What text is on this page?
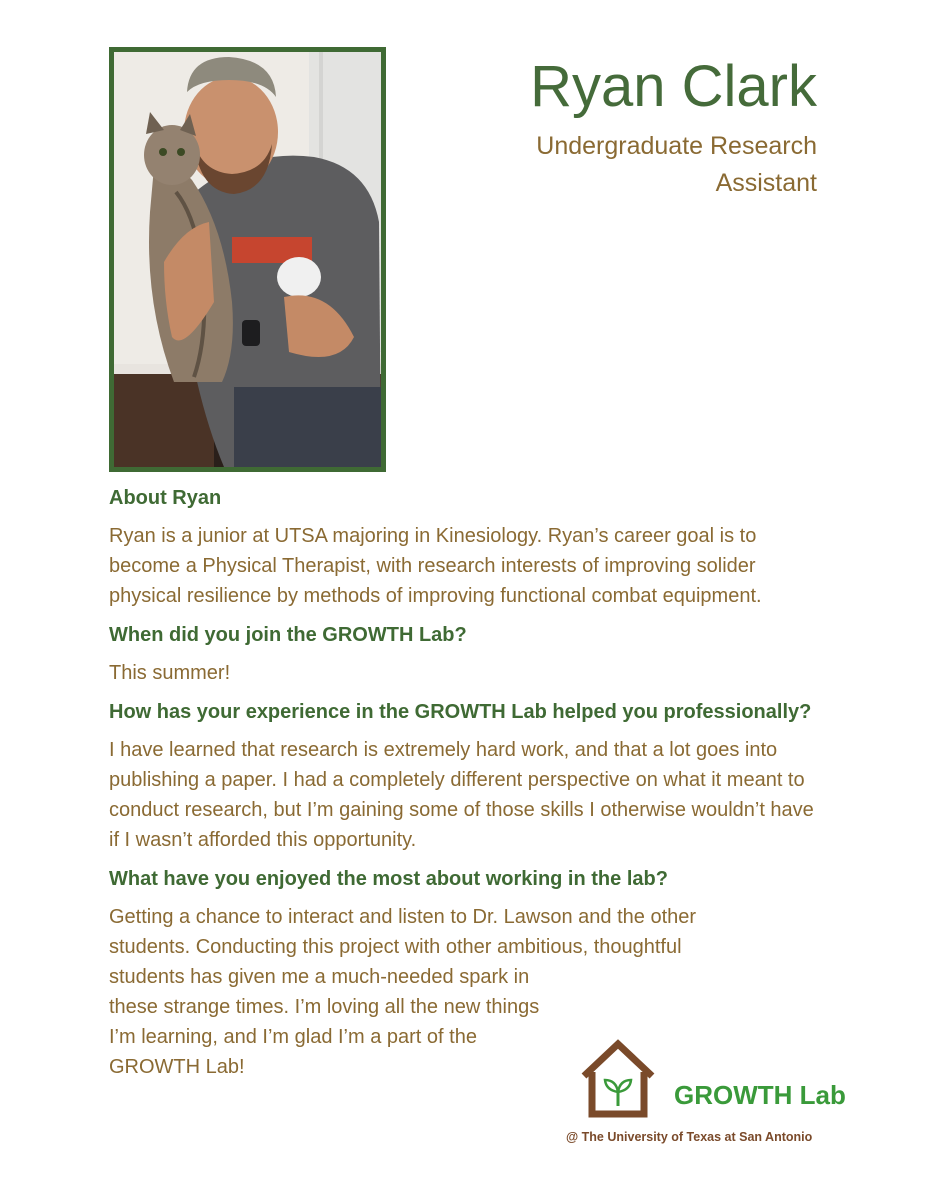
Ryan Clark
Undergraduate Research Assistant

About Ryan

Ryan is a junior at UTSA majoring in Kinesiology. Ryan’s career goal is to become a Physical Therapist, with research interests of improving solider physical resilience by methods of improving functional combat equipment.

When did you join the GROWTH Lab?

This summer!

How has your experience in the GROWTH Lab helped you professionally?

I have learned that research is extremely hard work, and that a lot goes into publishing a paper. I had a completely different perspective on what it meant to conduct research, but I’m gaining some of those skills I otherwise wouldn’t have if I wasn’t afforded this opportunity.

What have you enjoyed the most about working in the lab?

Getting a chance to interact and listen to Dr. Lawson and the other

students. Conducting this project with other ambitious, thoughtful

students has given me a much-needed spark in these strange times. I’m loving all the new things I’m learning, and I’m glad I’m a part of the GROWTH Lab!

GROWTH Lab
@ The University of Texas at San Antonio
